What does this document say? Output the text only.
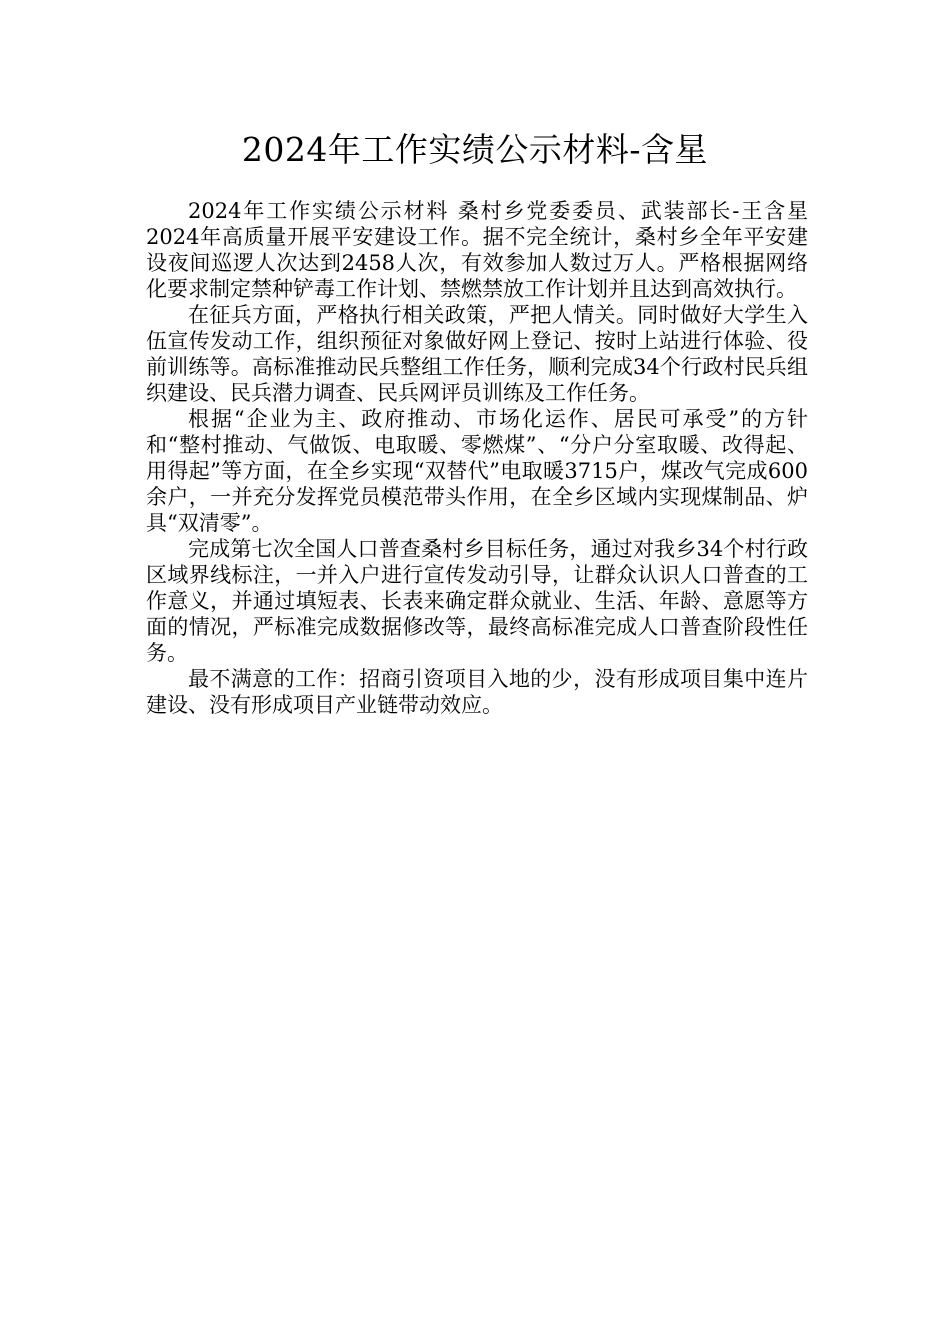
2024年工作实绩公示材料-含星

2024年工作实绩公示材料 桑村乡党委委员、武装部长-王含星 2024年高质量开展平安建设工作。据不完全统计，桑村乡全年平安建设夜间巡逻人次达到2458人次，有效参加人数过万人。严格根据网络化要求制定禁种铲毒工作计划、禁燃禁放工作计划并且达到高效执行。

在征兵方面，严格执行相关政策，严把人情关。同时做好大学生入伍宣传发动工作，组织预征对象做好网上登记、按时上站进行体验、役前训练等。高标准推动民兵整组工作任务，顺利完成34个行政村民兵组织建设、民兵潜力调查、民兵网评员训练及工作任务。

根据“企业为主、政府推动、市场化运作、居民可承受”的方针和“整村推动、气做饭、电取暖、零燃煤”、“分户分室取暖、改得起、用得起”等方面，在全乡实现“双替代”电取暖3715户，煤改气完成600余户，一并充分发挥党员模范带头作用，在全乡区域内实现煤制品、炉具“双清零”。

完成第七次全国人口普查桑村乡目标任务，通过对我乡34个村行政区域界线标注，一并入户进行宣传发动引导，让群众认识人口普查的工作意义，并通过填短表、长表来确定群众就业、生活、年龄、意愿等方面的情况，严标准完成数据修改等，最终高标准完成人口普查阶段性任务。

最不满意的工作：招商引资项目入地的少，没有形成项目集中连片建设、没有形成项目产业链带动效应。
